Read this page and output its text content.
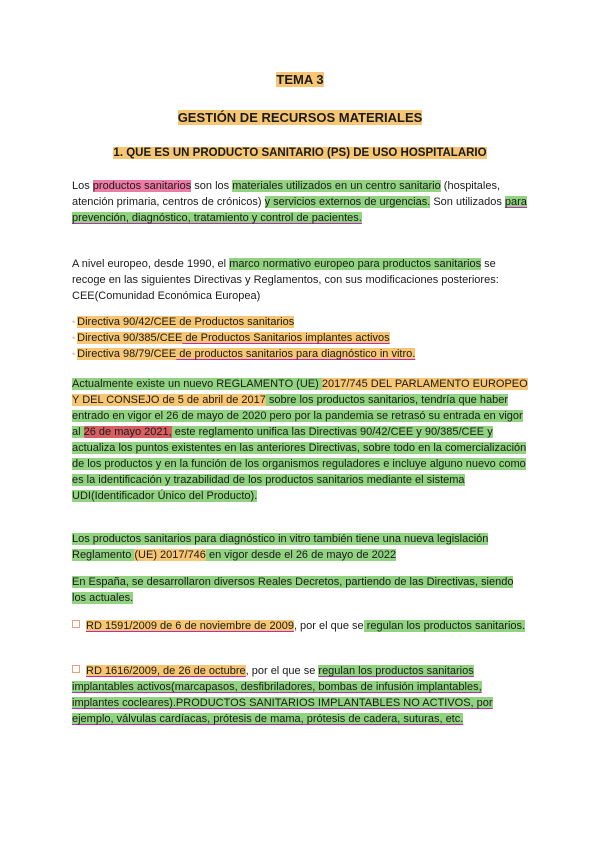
TEMA 3
GESTIÓN DE RECURSOS MATERIALES
1. QUE ES UN PRODUCTO SANITARIO (PS) DE USO HOSPITALARIO
Los productos sanitarios son los materiales utilizados en un centro sanitario (hospitales, atención primaria, centros de crónicos) y servicios externos de urgencias. Son utilizados para prevención, diagnóstico, tratamiento y control de pacientes.
A nivel europeo, desde 1990, el marco normativo europeo para productos sanitarios se recoge en las siguientes Directivas y Reglamentos, con sus modificaciones posteriores: CEE(Comunidad Económica Europea)
• Directiva 90/42/CEE de Productos sanitarios
• Directiva 90/385/CEE de Productos Sanitarios implantes activos
• Directiva 98/79/CEE de productos sanitarios para diagnóstico in vitro.
Actualmente existe un nuevo REGLAMENTO (UE) 2017/745 DEL PARLAMENTO EUROPEO Y DEL CONSEJO de 5 de abril de 2017 sobre los productos sanitarios, tendría que haber entrado en vigor el 26 de mayo de 2020 pero por la pandemia se retrasó su entrada en vigor al 26 de mayo 2021, este reglamento unifica las Directivas 90/42/CEE y 90/385/CEE y actualiza los puntos existentes en las anteriores Directivas, sobre todo en la comercialización de los productos y en la función de los organismos reguladores e incluye alguno nuevo como es la identificación y trazabilidad de los productos sanitarios mediante el sistema UDI(Identificador Único del Producto).
Los productos sanitarios para diagnóstico in vitro también tiene una nueva legislación Reglamento (UE) 2017/746 en vigor desde el 26 de mayo de 2022
En España, se desarrollaron diversos Reales Decretos, partiendo de las Directivas, siendo los actuales.
RD 1591/2009 de 6 de noviembre de 2009, por el que se regulan los productos sanitarios.
RD 1616/2009, de 26 de octubre, por el que se regulan los productos sanitarios implantables activos(marcapasos, desfibriladores, bombas de infusión implantables, implantes cocleares).PRODUCTOS SANITARIOS IMPLANTABLES NO ACTIVOS, por ejemplo, válvulas cardíacas, prótesis de mama, prótesis de cadera, suturas, etc.
